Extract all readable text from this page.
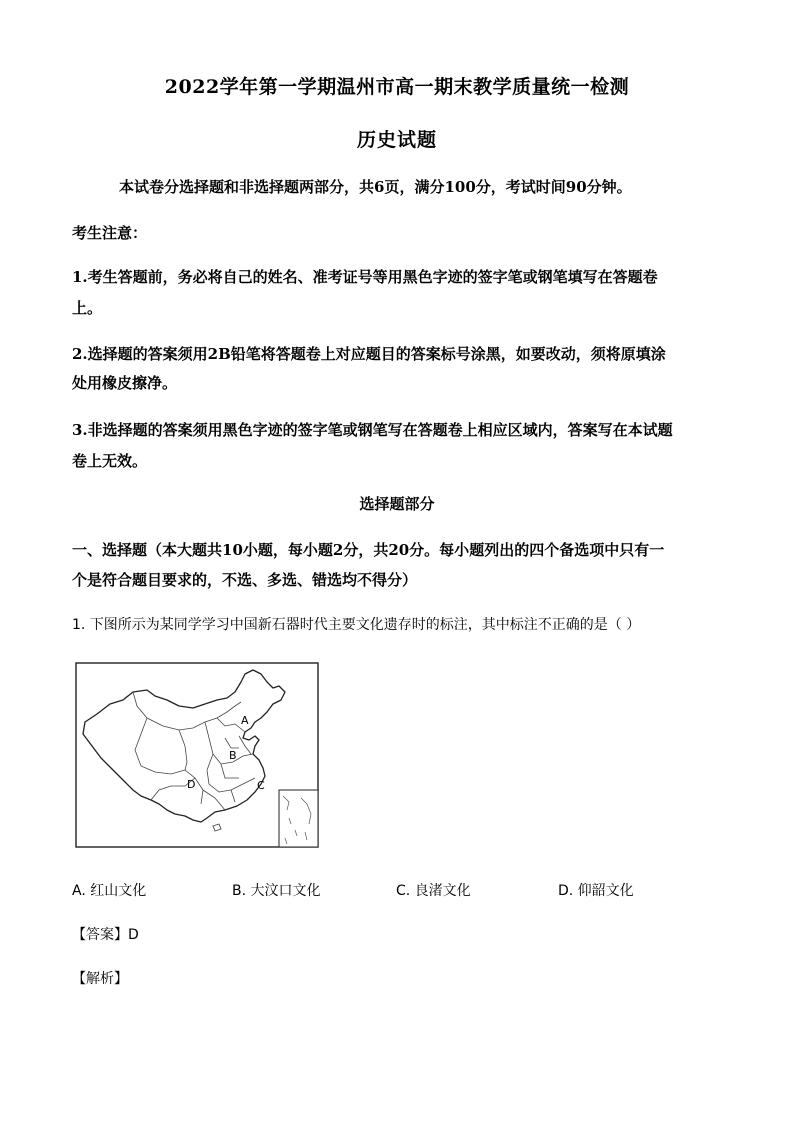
2022学年第一学期温州市高一期末教学质量统一检测
历史试题
本试卷分选择题和非选择题两部分，共6页，满分100分，考试时间90分钟。
考生注意：
1.考生答题前，务必将自己的姓名、准考证号等用黑色字迹的签字笔或钢笔填写在答题卷
上。
2.选择题的答案须用2B铅笔将答题卷上对应题目的答案标号涂黑，如要改动，须将原填涂
处用橡皮擦净。
3.非选择题的答案须用黑色字迹的签字笔或钢笔写在答题卷上相应区域内，答案写在本试题
卷上无效。
选择题部分
一、选择题（本大题共10小题，每小题2分，共20分。每小题列出的四个备选项中只有一
个是符合题目要求的，不选、多选、错选均不得分）
1. 下图所示为某同学学习中国新石器时代主要文化遗存时的标注，其中标注不正确的是（ ）
A
B
C
D
A. 红山文化	B. 大汶口文化	C. 良渚文化	D. 仰韶文化
【答案】D
【解析】
